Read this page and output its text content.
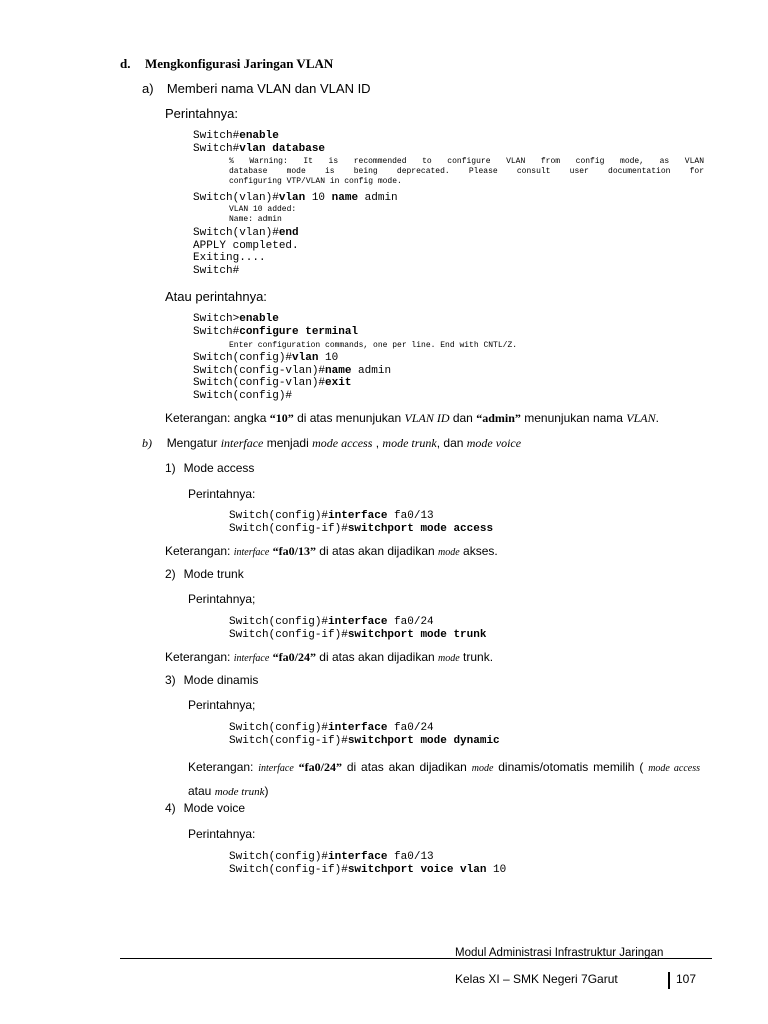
d. Mengkonfigurasi Jaringan VLAN
a) Memberi nama VLAN dan VLAN ID
Perintahnya:
Switch#enable
Switch#vlan database
% Warning: It is recommended to configure VLAN from config mode, as VLAN
database mode is being deprecated. Please consult user documentation for
configuring VTP/VLAN in config mode.
Switch(vlan)#vlan 10 name admin
VLAN 10 added:
Name: admin
Switch(vlan)#end
APPLY completed.
Exiting....
Switch#
Atau perintahnya:
Switch>enable
Switch#configure terminal
Enter configuration commands, one per line. End with CNTL/Z.
Switch(config)#vlan 10
Switch(config-vlan)#name admin
Switch(config-vlan)#exit
Switch(config)#
Keterangan: angka “10” di atas menunjukan VLAN ID dan “admin” menunjukan nama VLAN.
b) Mengatur interface menjadi mode access , mode trunk, dan mode voice
1) Mode access
Perintahnya:
Switch(config)#interface fa0/13
Switch(config-if)#switchport mode access
Keterangan: interface “fa0/13” di atas akan dijadikan mode akses.
2) Mode trunk
Perintahnya;
Switch(config)#interface fa0/24
Switch(config-if)#switchport mode trunk
Keterangan: interface “fa0/24” di atas akan dijadikan mode trunk.
3) Mode dinamis
Perintahnya;
Switch(config)#interface fa0/24
Switch(config-if)#switchport mode dynamic
Keterangan: interface “fa0/24” di atas akan dijadikan mode dinamis/otomatis memilih ( mode access atau mode trunk)
4) Mode voice
Perintahnya:
Switch(config)#interface fa0/13
Switch(config-if)#switchport voice vlan 10
Modul Administrasi Infrastruktur Jaringan
Kelas XI – SMK Negeri 7Garut	107
